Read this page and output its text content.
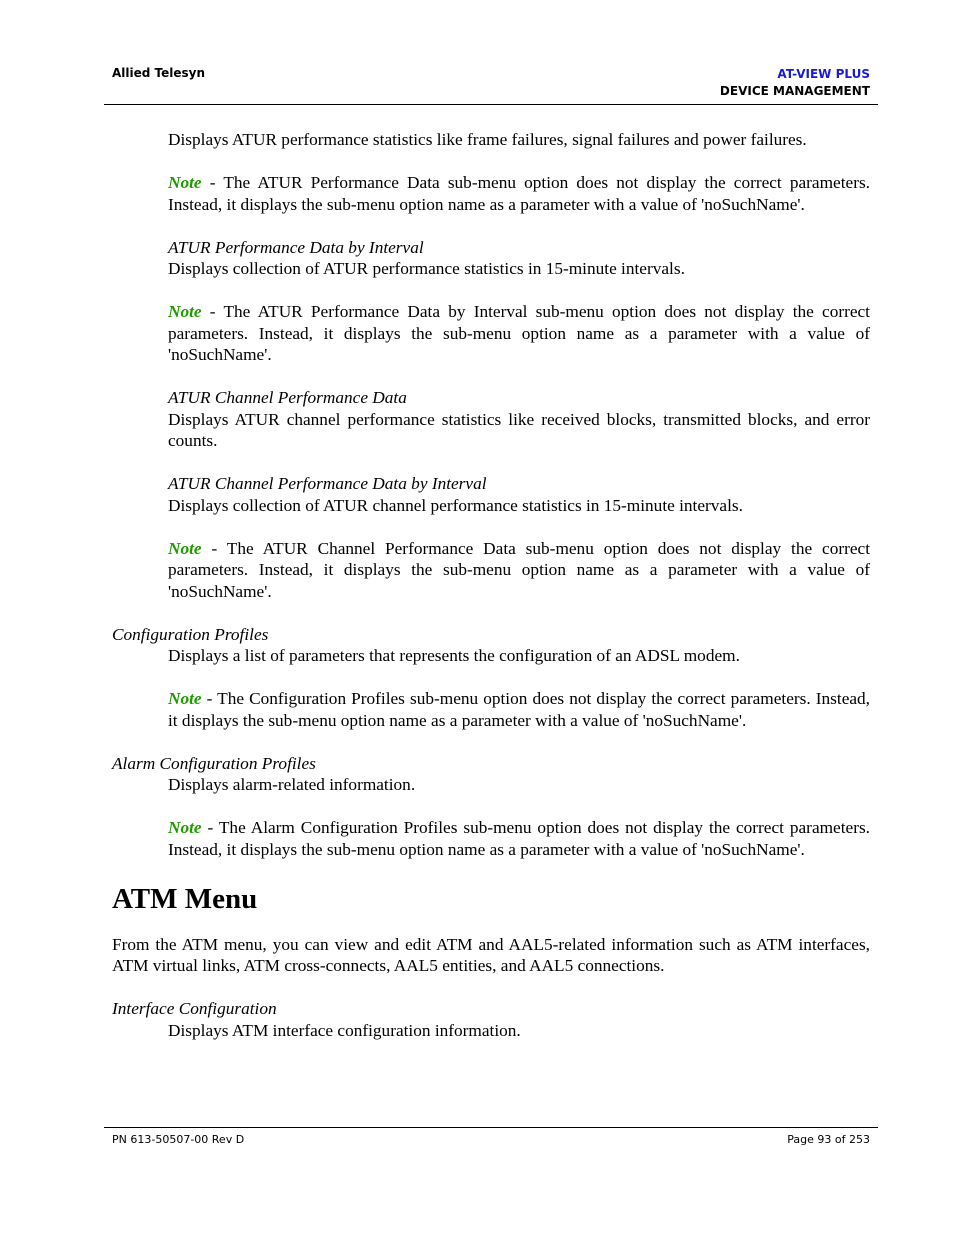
Allied Telesyn	AT-VIEW PLUS
DEVICE MANAGEMENT

Displays ATUR performance statistics like frame failures, signal failures and power failures.

Note - The ATUR Performance Data sub-menu option does not display the correct parameters. Instead, it displays the sub-menu option name as a parameter with a value of 'noSuchName'.

ATUR Performance Data by Interval
Displays collection of ATUR performance statistics in 15-minute intervals.

Note - The ATUR Performance Data by Interval sub-menu option does not display the correct parameters. Instead, it displays the sub-menu option name as a parameter with a value of 'noSuchName'.

ATUR Channel Performance Data
Displays ATUR channel performance statistics like received blocks, transmitted blocks, and error counts.
ATUR Channel Performance Data by Interval
Displays collection of ATUR channel performance statistics in 15-minute intervals.

Note - The ATUR Channel Performance Data sub-menu option does not display the correct parameters. Instead, it displays the sub-menu option name as a parameter with a value of 'noSuchName'.

Configuration Profiles
Displays a list of parameters that represents the configuration of an ADSL modem.

Note - The Configuration Profiles sub-menu option does not display the correct parameters. Instead, it displays the sub-menu option name as a parameter with a value of 'noSuchName'.

Alarm Configuration Profiles
Displays alarm-related information.

Note - The Alarm Configuration Profiles sub-menu option does not display the correct parameters. Instead, it displays the sub-menu option name as a parameter with a value of 'noSuchName'.

ATM Menu

From the ATM menu, you can view and edit ATM and AAL5-related information such as ATM interfaces, ATM virtual links, ATM cross-connects, AAL5 entities, and AAL5 connections.

Interface Configuration
Displays ATM interface configuration information.
PN 613-50507-00 Rev D	Page 93 of 253
